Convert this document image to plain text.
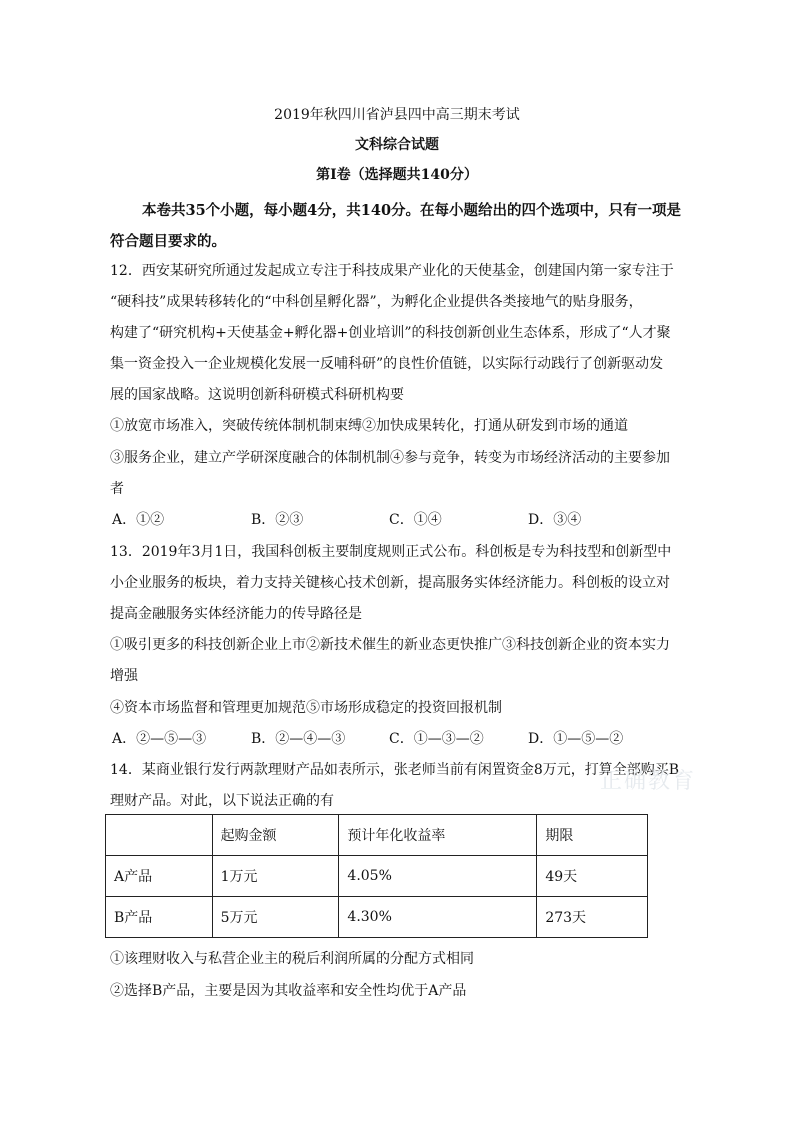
2019年秋四川省泸县四中高三期末考试
文科综合试题
第Ⅰ卷（选择题共140分）
本卷共35个小题，每小题4分，共140分。在每小题给出的四个选项中，只有一项是符合题目要求的。
12．西安某研究所通过发起成立专注于科技成果产业化的天使基金，创建国内第一家专注于
“硬科技”成果转移转化的“中科创星孵化器”，为孵化企业提供各类接地气的贴身服务，
构建了“研究机构+天使基金+孵化器+创业培训”的科技创新创业生态体系，形成了“人才聚
集一资金投入一企业规模化发展一反哺科研”的良性价值链，以实际行动践行了创新驱动发
展的国家战略。这说明创新科研模式科研机构要
①放宽市场准入，突破传统体制机制束缚②加快成果转化，打通从研发到市场的通道
③服务企业，建立产学研深度融合的体制机制④参与竞争，转变为市场经济活动的主要参加
者
A．①②	B．②③	C．①④	D．③④
13．2019年3月1日，我国科创板主要制度规则正式公布。科创板是专为科技型和创新型中
小企业服务的板块，着力支持关键核心技术创新，提高服务实体经济能力。科创板的设立对
提高金融服务实体经济能力的传导路径是
①吸引更多的科技创新企业上市②新技术催生的新业态更快推广③科技创新企业的资本实力
增强
④资本市场监督和管理更加规范⑤市场形成稳定的投资回报机制
A．②—⑤—③	B．②—④—③	C．①—③—②	D．①—⑤—②
14．某商业银行发行两款理财产品如表所示，张老师当前有闲置资金8万元，打算全部购买B
理财产品。对此，以下说法正确的有
	起购金额	预计年化收益率	期限
A产品	1万元	4.05%	49天
B产品	5万元	4.30%	273天
①该理财收入与私营企业主的税后利润所属的分配方式相同
②选择B产品，主要是因为其收益率和安全性均优于A产品
正确教育
